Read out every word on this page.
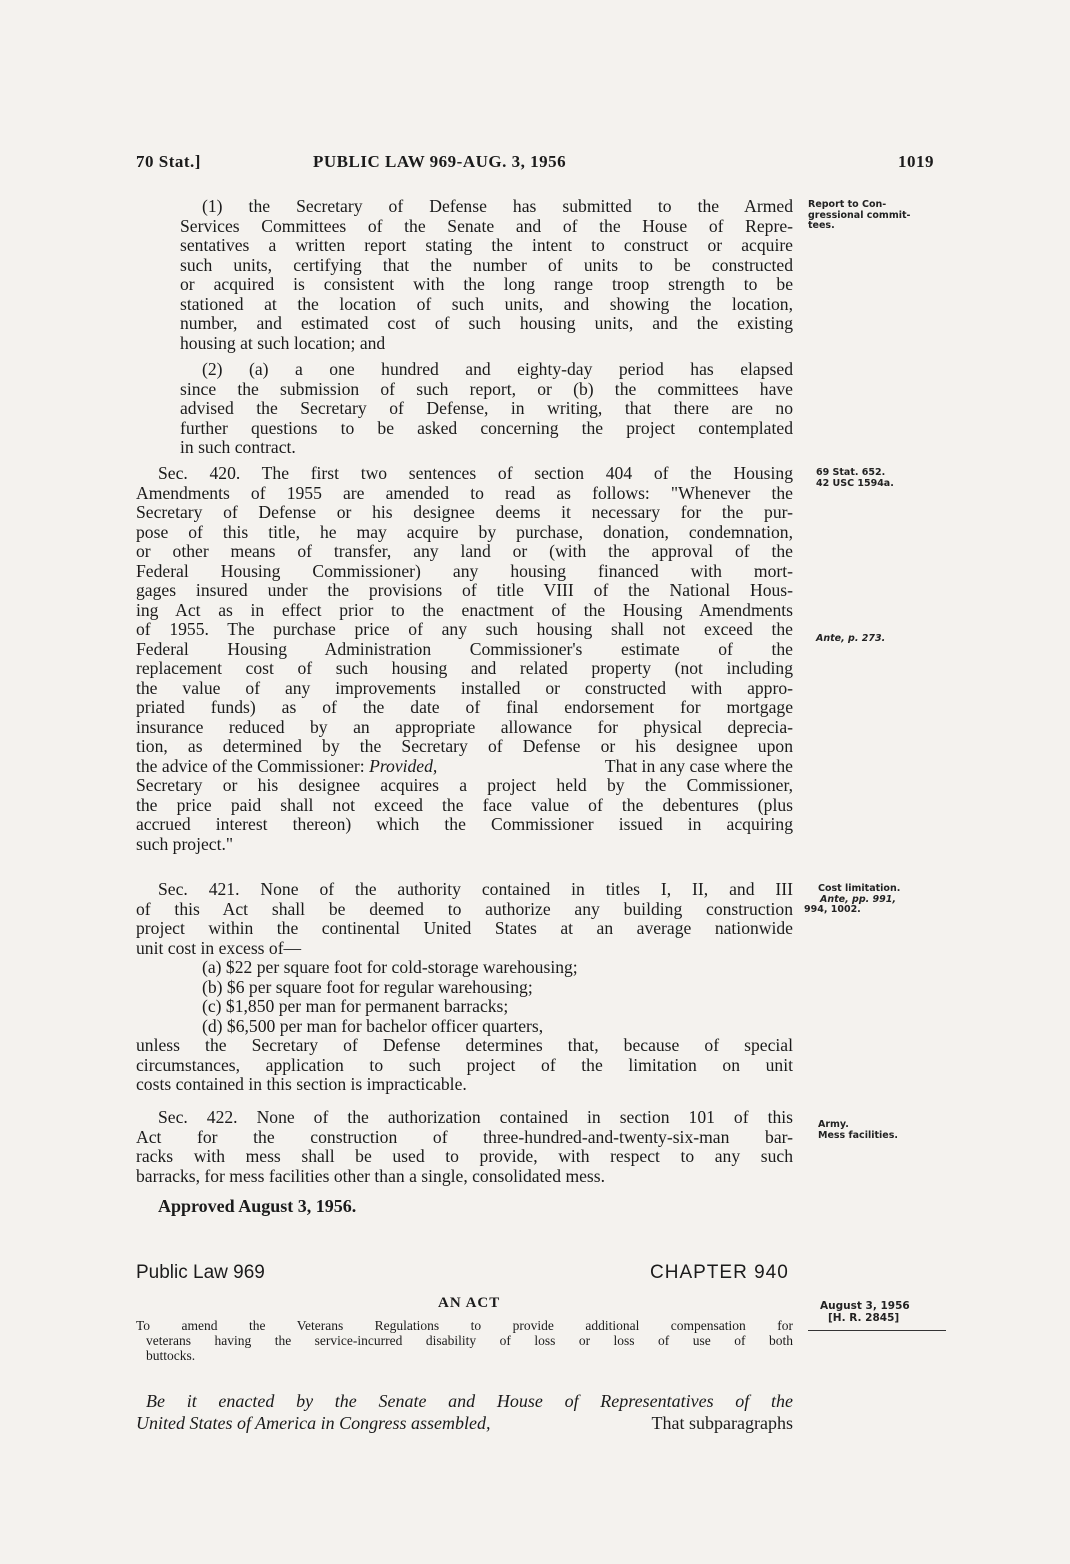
70 Stat.]	PUBLIC LAW 969-AUG. 3, 1956	1019
(1) the Secretary of Defense has submitted to the Armed
Services Committees of the Senate and of the House of Repre-
sentatives a written report stating the intent to construct or acquire
such units, certifying that the number of units to be constructed
or acquired is consistent with the long range troop strength to be
stationed at the location of such units, and showing the location,
number, and estimated cost of such housing units, and the existing
housing at such location; and
(2) (a) a one hundred and eighty-day period has elapsed
since the submission of such report, or (b) the committees have
advised the Secretary of Defense, in writing, that there are no
further questions to be asked concerning the project contemplated
in such contract.
Sec. 420. The first two sentences of section 404 of the Housing
Amendments of 1955 are amended to read as follows: "Whenever the
Secretary of Defense or his designee deems it necessary for the pur-
pose of this title, he may acquire by purchase, donation, condemnation,
or other means of transfer, any land or (with the approval of the
Federal Housing Commissioner) any housing financed with mort-
gages insured under the provisions of title VIII of the National Hous-
ing Act as in effect prior to the enactment of the Housing Amendments
of 1955. The purchase price of any such housing shall not exceed the
Federal Housing Administration Commissioner's estimate of the
replacement cost of such housing and related property (not including
the value of any improvements installed or constructed with appro-
priated funds) as of the date of final endorsement for mortgage
insurance reduced by an appropriate allowance for physical deprecia-
tion, as determined by the Secretary of Defense or his designee upon
the advice of the Commissioner: Provided,	That in any case where the
Secretary or his designee acquires a project held by the Commissioner,
the price paid shall not exceed the face value of the debentures (plus
accrued interest thereon) which the Commissioner issued in acquiring
such project."
Sec. 421. None of the authority contained in titles I, II, and III
of this Act shall be deemed to authorize any building construction
project within the continental United States at an average nationwide
unit cost in excess of—
(a) $22 per square foot for cold-storage warehousing;
(b) $6 per square foot for regular warehousing;
(c) $1,850 per man for permanent barracks;
(d) $6,500 per man for bachelor officer quarters,
unless the Secretary of Defense determines that, because of special
circumstances, application to such project of the limitation on unit
costs contained in this section is impracticable.
Sec. 422. None of the authorization contained in section 101 of this
Act for the construction of three-hundred-and-twenty-six-man bar-
racks with mess shall be used to provide, with respect to any such
barracks, for mess facilities other than a single, consolidated mess.
Approved August 3, 1956.
Public Law 969	CHAPTER 940
AN ACT
To amend the Veterans Regulations to provide additional compensation for
veterans having the service-incurred disability of loss or loss of use of both
buttocks.
Be it enacted by the Senate and House of Representatives of the
United States of America in Congress assembled,	That subparagraphs
Report to Con-
gressional commit-
tees.
69 Stat. 652.
42 USC 1594a.
Ante, p. 273.
Cost limitation.
Ante, pp. 991,
994, 1002.
Army.
Mess facilities.
August 3, 1956
[H. R. 2845]
